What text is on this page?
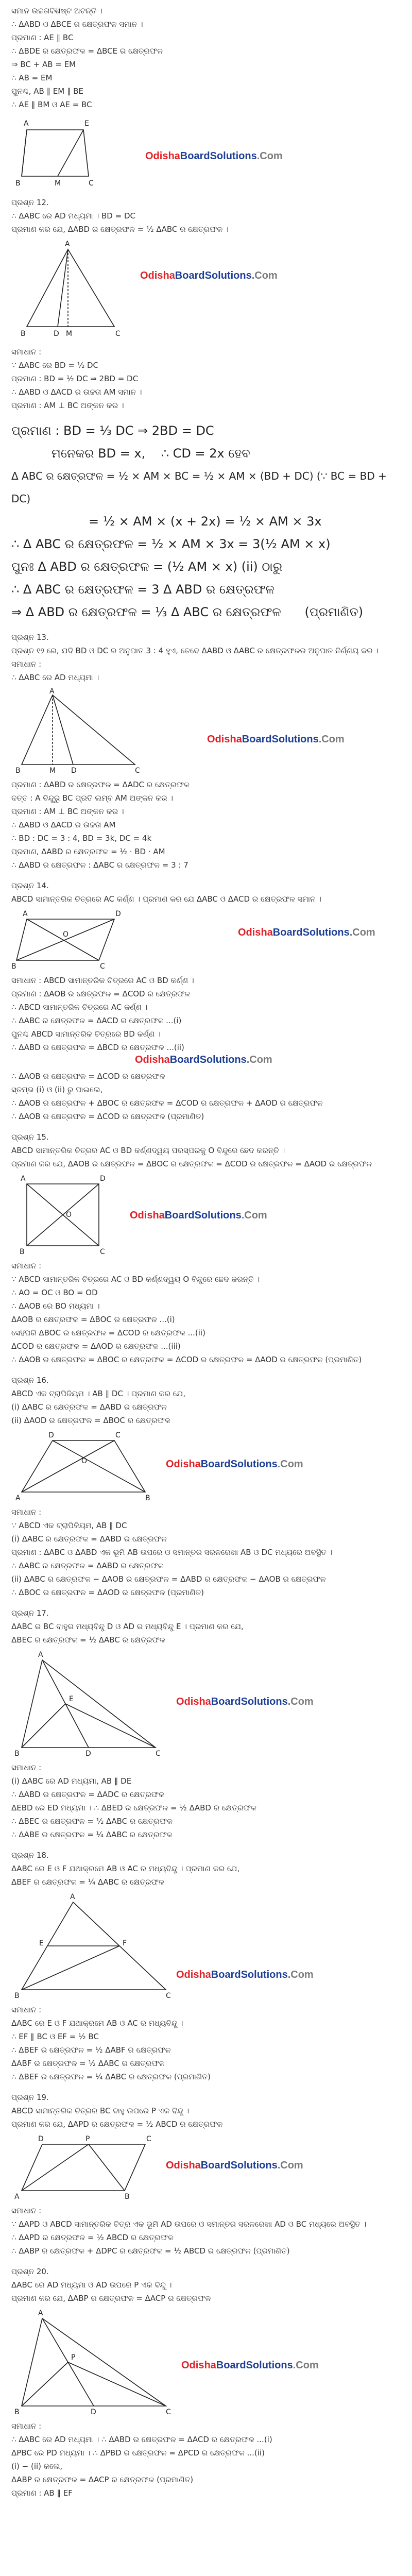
ସମାନ ଉଚ୍ଚତାବିଶିଷ୍ଟ ଅଟନ୍ତି ।

∴ ΔABD ଓ ΔBCE ର କ୍ଷେତ୍ରଫଳ ସମାନ ।

ପ୍ରମାଣ : AE ∥ BC

∴ ΔBDE ର କ୍ଷେତ୍ରଫଳ = ΔBCE ର କ୍ଷେତ୍ରଫଳ

⇒ BC + AB = EM

∴ AB = EM

ପୁନଶ୍ଚ, AB ∥ EM ∥ BE

∴ AE ∥ BM ଓ AE = BC

A	E
B	M	C
OdishaBoardSolutions.Com

ପ୍ରଶ୍ନ 12.

∴ ΔABC ରେ AD ମଧ୍ୟମା । BD = DC

ପ୍ରମାଣ କର ଯେ, ΔABD ର କ୍ଷେତ୍ରଫଳ = ½ ΔABC ର କ୍ଷେତ୍ରଫଳ ।

A
B	D M	C
OdishaBoardSolutions.Com

ସମାଧାନ :

∵ ΔABC ରେ BD = ½ DC

ପ୍ରମାଣ : BD = ½ DC ⇒ 2BD = DC

∴ ΔABD ଓ ΔACD ର ଉଚ୍ଚତା AM ସମାନ ।

ପ୍ରମାଣ : AM ⊥ BC ଅଙ୍କନ କର ।

ପ୍ରମାଣ : BD = ⅓ DC ⇒ 2BD = DC

ମନେକର BD = x,    ∴ CD = 2x ହେବ

Δ ABC ର କ୍ଷେତ୍ରଫଳ = ½ × AM × BC = ½ × AM × (BD + DC) (∵ BC = BD + DC)

= ½ × AM × (x + 2x) = ½ × AM × 3x

∴ Δ ABC ର କ୍ଷେତ୍ରଫଳ = ½ × AM × 3x = 3(½ AM × x)

ପୁନଃ Δ ABD ର କ୍ଷେତ୍ରଫଳ = (½ AM × x) (ii) ଠାରୁ

∴ Δ ABC ର କ୍ଷେତ୍ରଫଳ = 3 Δ ABD ର କ୍ଷେତ୍ରଫଳ

⇒ Δ ABD ର କ୍ଷେତ୍ରଫଳ = ⅓ Δ ABC ର କ୍ଷେତ୍ରଫଳ (ପ୍ରମାଣିତ)

ପ୍ରଶ୍ନ 13.

ପ୍ରଶ୍ନ ୧୨ ରେ, ଯଦି BD ଓ DC ର ଅନୁପାତ 3 : 4 ହୁଏ, ତେବେ ΔABD ଓ ΔABC ର କ୍ଷେତ୍ରଫଳର ଅନୁପାତ ନିର୍ଣ୍ଣୟ କର ।

ସମାଧାନ :

∴ ΔABC ରେ AD ମଧ୍ୟମା ।

A
B	M D	C
OdishaBoardSolutions.Com

ପ୍ରମାଣ : ΔABD ର କ୍ଷେତ୍ରଫଳ = ΔADC ର କ୍ଷେତ୍ରଫଳ

ଦତ୍ତ : A ବିନ୍ଦୁରୁ BC ପ୍ରତି ଲମ୍ବ AM ଅଙ୍କନ କର ।

ପ୍ରମାଣ : AM ⊥ BC ଅଙ୍କନ କର ।

∴ ΔABD ଓ ΔACD ର ଉଚ୍ଚତା AM

∴ BD : DC = 3 : 4, BD = 3k, DC = 4k

ପ୍ରମାଣ, ΔABD ର କ୍ଷେତ୍ରଫଳ = ½ · BD · AM

∴ ΔABD ର କ୍ଷେତ୍ରଫଳ : ΔABC ର କ୍ଷେତ୍ରଫଳ = 3 : 7

ପ୍ରଶ୍ନ 14.

ABCD ସାମାନ୍ତରିକ ଚିତ୍ରରେ AC କର୍ଣ୍ଣ । ପ୍ରମାଣ କର ଯେ ΔABC ଓ ΔACD ର କ୍ଷେତ୍ରଫଳ ସମାନ ।

A	D
B	C
O	OdishaBoardSolutions.Com

ସମାଧାନ : ABCD ସାମାନ୍ତରିକ ଚିତ୍ରରେ AC ଓ BD କର୍ଣ୍ଣ ।

ପ୍ରମାଣ : ΔAOB ର କ୍ଷେତ୍ରଫଳ = ΔCOD ର କ୍ଷେତ୍ରଫଳ

∴ ABCD ସାମାନ୍ତରିକ ଚିତ୍ରରେ AC କର୍ଣ୍ଣ ।

∴ ΔABC ର କ୍ଷେତ୍ରଫଳ = ΔACD ର କ୍ଷେତ୍ରଫଳ ...(i)

ପୁନଶ୍ଚ ABCD ସାମାନ୍ତରିକ ଚିତ୍ରରେ BD କର୍ଣ୍ଣ ।

∴ ΔABD ର କ୍ଷେତ୍ରଫଳ = ΔBCD ର କ୍ଷେତ୍ରଫଳ ...(ii)

OdishaBoardSolutions.Com

∴ ΔAOB ର କ୍ଷେତ୍ରଫଳ = ΔCOD ର କ୍ଷେତ୍ରଫଳ

ସ୍ତମ୍ଭ (i) ଓ (ii) ରୁ ପାଇଲେ,

∴ ΔAOB ର କ୍ଷେତ୍ରଫଳ + ΔBOC ର କ୍ଷେତ୍ରଫଳ = ΔCOD ର କ୍ଷେତ୍ରଫଳ + ΔAOD ର କ୍ଷେତ୍ରଫଳ

∴ ΔAOB ର କ୍ଷେତ୍ରଫଳ = ΔCOD ର କ୍ଷେତ୍ରଫଳ (ପ୍ରମାଣିତ)

ପ୍ରଶ୍ନ 15.

ABCD ସାମାନ୍ତରିକ ଚିତ୍ରର AC ଓ BD କର୍ଣ୍ଣଦ୍ୱୟ ପରସ୍ପରକୁ O ବିନ୍ଦୁରେ ଛେଦ କରନ୍ତି ।

ପ୍ରମାଣ କର ଯେ, ΔAOB ର କ୍ଷେତ୍ରଫଳ = ΔBOC ର କ୍ଷେତ୍ରଫଳ = ΔCOD ର କ୍ଷେତ୍ରଫଳ = ΔAOD ର କ୍ଷେତ୍ରଫଳ

A	D
B	C
O	OdishaBoardSolutions.Com

ସମାଧାନ :

∵ ABCD ସାମାନ୍ତରିକ ଚିତ୍ରରେ AC ଓ BD କର୍ଣ୍ଣଦ୍ୱୟ O ବିନ୍ଦୁରେ ଛେଦ କରନ୍ତି ।

∴ AO = OC ଓ BO = OD

∴ ΔAOB ରେ BO ମଧ୍ୟମା ।

ΔAOB ର କ୍ଷେତ୍ରଫଳ = ΔBOC ର କ୍ଷେତ୍ରଫଳ ...(i)

ସେହିପରି ΔBOC ର କ୍ଷେତ୍ରଫଳ = ΔCOD ର କ୍ଷେତ୍ରଫଳ ...(ii)

ΔCOD ର କ୍ଷେତ୍ରଫଳ = ΔAOD ର କ୍ଷେତ୍ରଫଳ ...(iii)

∴ ΔAOB ର କ୍ଷେତ୍ରଫଳ = ΔBOC ର କ୍ଷେତ୍ରଫଳ = ΔCOD ର କ୍ଷେତ୍ରଫଳ = ΔAOD ର କ୍ଷେତ୍ରଫଳ (ପ୍ରମାଣିତ)

ପ୍ରଶ୍ନ 16.

ABCD ଏକ ଟ୍ରାପିଜିୟମ । AB ∥ DC । ପ୍ରମାଣ କର ଯେ,

(i) ΔABC ର କ୍ଷେତ୍ରଫଳ = ΔABD ର କ୍ଷେତ୍ରଫଳ

(ii) ΔAOD ର କ୍ଷେତ୍ରଫଳ = ΔBOC ର କ୍ଷେତ୍ରଫଳ

D	C
A	B
O	OdishaBoardSolutions.Com

ସମାଧାନ :

∵ ABCD ଏକ ଟ୍ରାପିଜିୟମ, AB ∥ DC

(i) ΔABC ର କ୍ଷେତ୍ରଫଳ = ΔABD ର କ୍ଷେତ୍ରଫଳ

ପ୍ରମାଣ : ΔABC ଓ ΔABD ଏକ ଭୂମି AB ଉପରେ ଓ ସମାନ୍ତର ସରଳରେଖା AB ଓ DC ମଧ୍ୟରେ ଅବସ୍ଥିତ ।

∴ ΔABC ର କ୍ଷେତ୍ରଫଳ = ΔABD ର କ୍ଷେତ୍ରଫଳ

(ii) ΔABC ର କ୍ଷେତ୍ରଫଳ − ΔAOB ର କ୍ଷେତ୍ରଫଳ = ΔABD ର କ୍ଷେତ୍ରଫଳ − ΔAOB ର କ୍ଷେତ୍ରଫଳ

∴ ΔBOC ର କ୍ଷେତ୍ରଫଳ = ΔAOD ର କ୍ଷେତ୍ରଫଳ (ପ୍ରମାଣିତ)

ପ୍ରଶ୍ନ 17.

ΔABC ର BC ବାହୁର ମଧ୍ୟବିନ୍ଦୁ D ଓ AD ର ମଧ୍ୟବିନ୍ଦୁ E । ପ୍ରମାଣ କର ଯେ,

ΔBEC ର କ୍ଷେତ୍ରଫଳ = ½ ΔABC ର କ୍ଷେତ୍ରଫଳ

A
B	D	C
E	OdishaBoardSolutions.Com

ସମାଧାନ :

(i) ΔABC ରେ AD ମଧ୍ୟମା, AB ∥ DE

∴ ΔABD ର କ୍ଷେତ୍ରଫଳ = ΔADC ର କ୍ଷେତ୍ରଫଳ

ΔEBD ରେ ED ମଧ୍ୟମା । ∴ ΔBED ର କ୍ଷେତ୍ରଫଳ = ½ ΔABD ର କ୍ଷେତ୍ରଫଳ

∴ ΔBEC ର କ୍ଷେତ୍ରଫଳ = ½ ΔABC ର କ୍ଷେତ୍ରଫଳ

∴ ΔABE ର କ୍ଷେତ୍ରଫଳ = ¼ ΔABC ର କ୍ଷେତ୍ରଫଳ

ପ୍ରଶ୍ନ 18.

ΔABC ରେ E ଓ F ଯଥାକ୍ରମେ AB ଓ AC ର ମଧ୍ୟବିନ୍ଦୁ । ପ୍ରମାଣ କର ଯେ,

ΔBEF ର କ୍ଷେତ୍ରଫଳ = ¼ ΔABC ର କ୍ଷେତ୍ରଫଳ

A
B	C
E	F
OdishaBoardSolutions.Com

ସମାଧାନ :

ΔABC ରେ E ଓ F ଯଥାକ୍ରମେ AB ଓ AC ର ମଧ୍ୟବିନ୍ଦୁ ।

∴ EF ∥ BC ଓ EF = ½ BC

∴ ΔBEF ର କ୍ଷେତ୍ରଫଳ = ½ ΔABF ର କ୍ଷେତ୍ରଫଳ

ΔABF ର କ୍ଷେତ୍ରଫଳ = ½ ΔABC ର କ୍ଷେତ୍ରଫଳ

∴ ΔBEF ର କ୍ଷେତ୍ରଫଳ = ¼ ΔABC ର କ୍ଷେତ୍ରଫଳ (ପ୍ରମାଣିତ)

ପ୍ରଶ୍ନ 19.

ABCD ସାମାନ୍ତରିକ ଚିତ୍ରର BC ବାହୁ ଉପରେ P ଏକ ବିନ୍ଦୁ ।

ପ୍ରମାଣ କର ଯେ, ΔAPD ର କ୍ଷେତ୍ରଫଳ = ½ ABCD ର କ୍ଷେତ୍ରଫଳ

D	P	C
A	B
OdishaBoardSolutions.Com

ସମାଧାନ :

∵ ΔAPD ଓ ABCD ସାମାନ୍ତରିକ ଚିତ୍ର ଏକ ଭୂମି AD ଉପରେ ଓ ସମାନ୍ତର ସରଳରେଖା AD ଓ BC ମଧ୍ୟରେ ଅବସ୍ଥିତ ।

∴ ΔAPD ର କ୍ଷେତ୍ରଫଳ = ½ ABCD ର କ୍ଷେତ୍ରଫଳ

∴ ΔABP ର କ୍ଷେତ୍ରଫଳ + ΔDPC ର କ୍ଷେତ୍ରଫଳ = ½ ABCD ର କ୍ଷେତ୍ରଫଳ (ପ୍ରମାଣିତ)

ପ୍ରଶ୍ନ 20.

ΔABC ରେ AD ମଧ୍ୟମା ଓ AD ଉପରେ P ଏକ ବିନ୍ଦୁ ।

ପ୍ରମାଣ କର ଯେ, ΔABP ର କ୍ଷେତ୍ରଫଳ = ΔACP ର କ୍ଷେତ୍ରଫଳ

A
B	D	C
P
OdishaBoardSolutions.Com

ସମାଧାନ :

∴ ΔABC ରେ AD ମଧ୍ୟମା । ∴ ΔABD ର କ୍ଷେତ୍ରଫଳ = ΔACD ର କ୍ଷେତ୍ରଫଳ ...(i)

ΔPBC ରେ PD ମଧ୍ୟମା । ∴ ΔPBD ର କ୍ଷେତ୍ରଫଳ = ΔPCD ର କ୍ଷେତ୍ରଫଳ ...(ii)

(i) − (ii) କଲେ,

ΔABP ର କ୍ଷେତ୍ରଫଳ = ΔACP ର କ୍ଷେତ୍ରଫଳ (ପ୍ରମାଣିତ)

ପ୍ରମାଣ : AB ∥ EF
